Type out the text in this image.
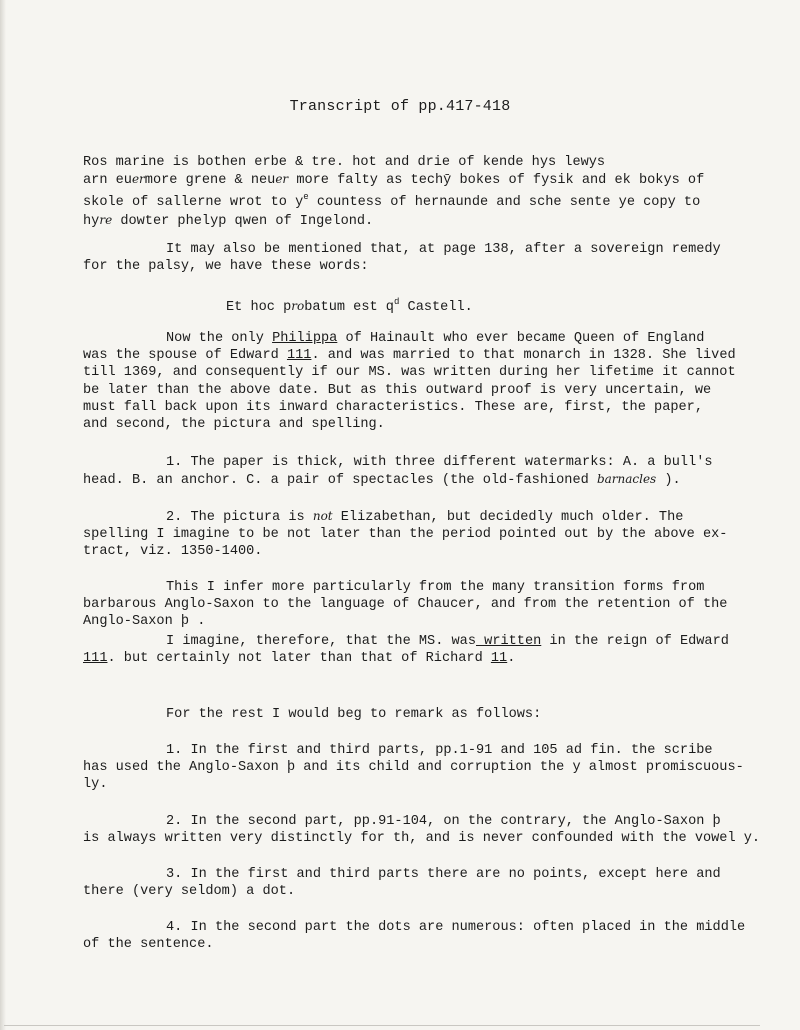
Transcript of pp.417-418
Ros marine is bothen erbe & tre. hot and drie of kende hys lewys
arn euermore grene & neuer more falty as techӯ bokes of fysik and ek bokys of
skole of sallerne wrot to $y^e$ countess of hernaunde and sche sente ye copy to
hyre dowter phelyp qwen of Ingelond.
It may also be mentioned that, at page 138, after a sovereign remedy
for the palsy, we have these words:
Et hoc probatum est $q^d$ Castell.
Now the only Philippa of Hainault who ever became Queen of England
was the spouse of Edward 111. and was married to that monarch in 1328. She lived
till 1369, and consequently if our MS. was written during her lifetime it cannot
be later than the above date. But as this outward proof is very uncertain, we
must fall back upon its inward characteristics. These are, first, the paper,
and second, the pictura and spelling.
1. The paper is thick, with three different watermarks: A. a bull's
head. B. an anchor. C. a pair of spectacles (the old-fashioned barnacles ).
2. The pictura is not Elizabethan, but decidedly much older. The
spelling I imagine to be not later than the period pointed out by the above ex-
tract, viz. 1350-1400.
This I infer more particularly from the many transition forms from
barbarous Anglo-Saxon to the language of Chaucer, and from the retention of the
Anglo-Saxon þ .
I imagine, therefore, that the MS. was written in the reign of Edward
111. but certainly not later than that of Richard 11.
For the rest I would beg to remark as follows:
1. In the first and third parts, pp.1-91 and 105 ad fin. the scribe
has used the Anglo-Saxon þ and its child and corruption the y almost promiscuous-
ly.
2. In the second part, pp.91-104, on the contrary, the Anglo-Saxon þ
is always written very distinctly for th, and is never confounded with the vowel y.
3. In the first and third parts there are no points, except here and
there (very seldom) a dot.
4. In the second part the dots are numerous: often placed in the middle
of the sentence.
